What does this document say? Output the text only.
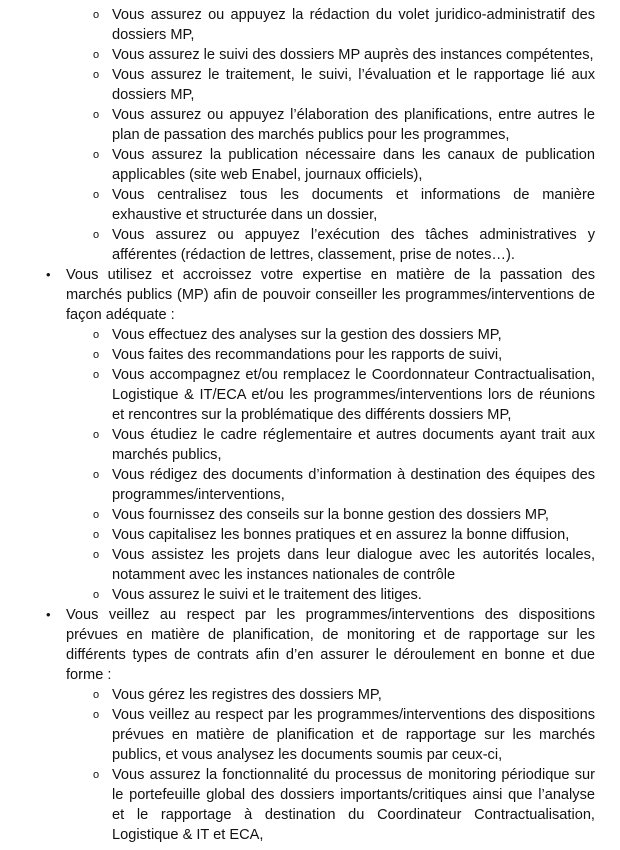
o Vous assurez ou appuyez la rédaction du volet juridico-administratif des dossiers MP,
o Vous assurez le suivi des dossiers MP auprès des instances compétentes,
o Vous assurez le traitement, le suivi, l’évaluation et le rapportage lié aux dossiers MP,
o Vous assurez ou appuyez l’élaboration des planifications, entre autres le plan de passation des marchés publics pour les programmes,
o Vous assurez la publication nécessaire dans les canaux de publication applicables (site web Enabel, journaux officiels),
o Vous centralisez tous les documents et informations de manière exhaustive et structurée dans un dossier,
o Vous assurez ou appuyez l’exécution des tâches administratives y afférentes (rédaction de lettres, classement, prise de notes…).
• Vous utilisez et accroissez votre expertise en matière de la passation des marchés publics (MP) afin de pouvoir conseiller les programmes/interventions de façon adéquate :
o Vous effectuez des analyses sur la gestion des dossiers MP,
o Vous faites des recommandations pour les rapports de suivi,
o Vous accompagnez et/ou remplacez le Coordonnateur Contractualisation, Logistique & IT/ECA et/ou les programmes/interventions lors de réunions et rencontres sur la problématique des différents dossiers MP,
o Vous étudiez le cadre réglementaire et autres documents ayant trait aux marchés publics,
o Vous rédigez des documents d’information à destination des équipes des programmes/interventions,
o Vous fournissez des conseils sur la bonne gestion des dossiers MP,
o Vous capitalisez les bonnes pratiques et en assurez la bonne diffusion,
o Vous assistez les projets dans leur dialogue avec les autorités locales, notamment avec les instances nationales de contrôle
o Vous assurez le suivi et le traitement des litiges.
• Vous veillez au respect par les programmes/interventions des dispositions prévues en matière de planification, de monitoring et de rapportage sur les différents types de contrats afin d’en assurer le déroulement en bonne et due forme :
o Vous gérez les registres des dossiers MP,
o Vous veillez au respect par les programmes/interventions des dispositions prévues en matière de planification et de rapportage sur les marchés publics, et vous analysez les documents soumis par ceux-ci,
o Vous assurez la fonctionnalité du processus de monitoring périodique sur le portefeuille global des dossiers importants/critiques ainsi que l’analyse et le rapportage à destination du Coordinateur Contractualisation, Logistique & IT et ECA,
